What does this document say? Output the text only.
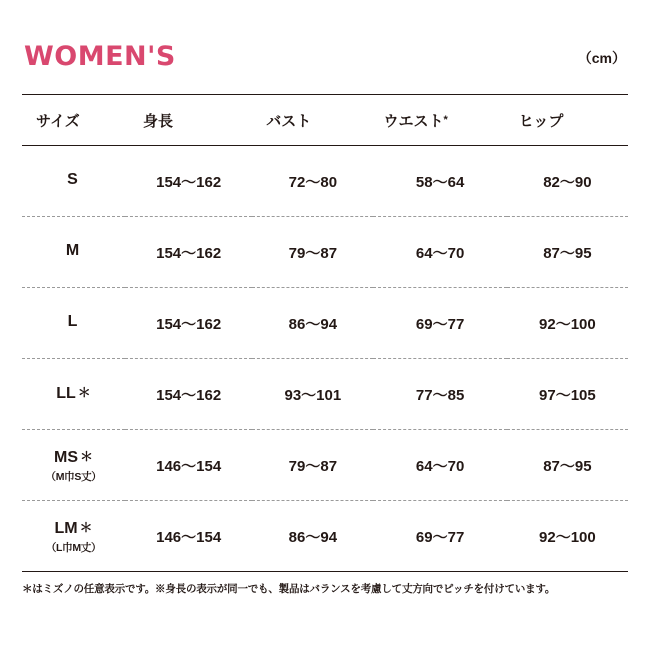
WOMEN'S	（cm）
サイズ	身長	バスト	ウエスト*	ヒップ
S	154〜162	72〜80	58〜64	82〜90
M	154〜162	79〜87	64〜70	87〜95
L	154〜162	86〜94	69〜77	92〜100
LL ＊	154〜162	93〜101	77〜85	97〜105
MS ＊
（M巾S丈）	146〜154	79〜87	64〜70	87〜95
LM ＊
（L巾M丈）	146〜154	86〜94	69〜77	92〜100
＊はミズノの任意表示です。※身長の表示が同一でも、製品はバランスを考慮して丈方向でピッチを付けています。
